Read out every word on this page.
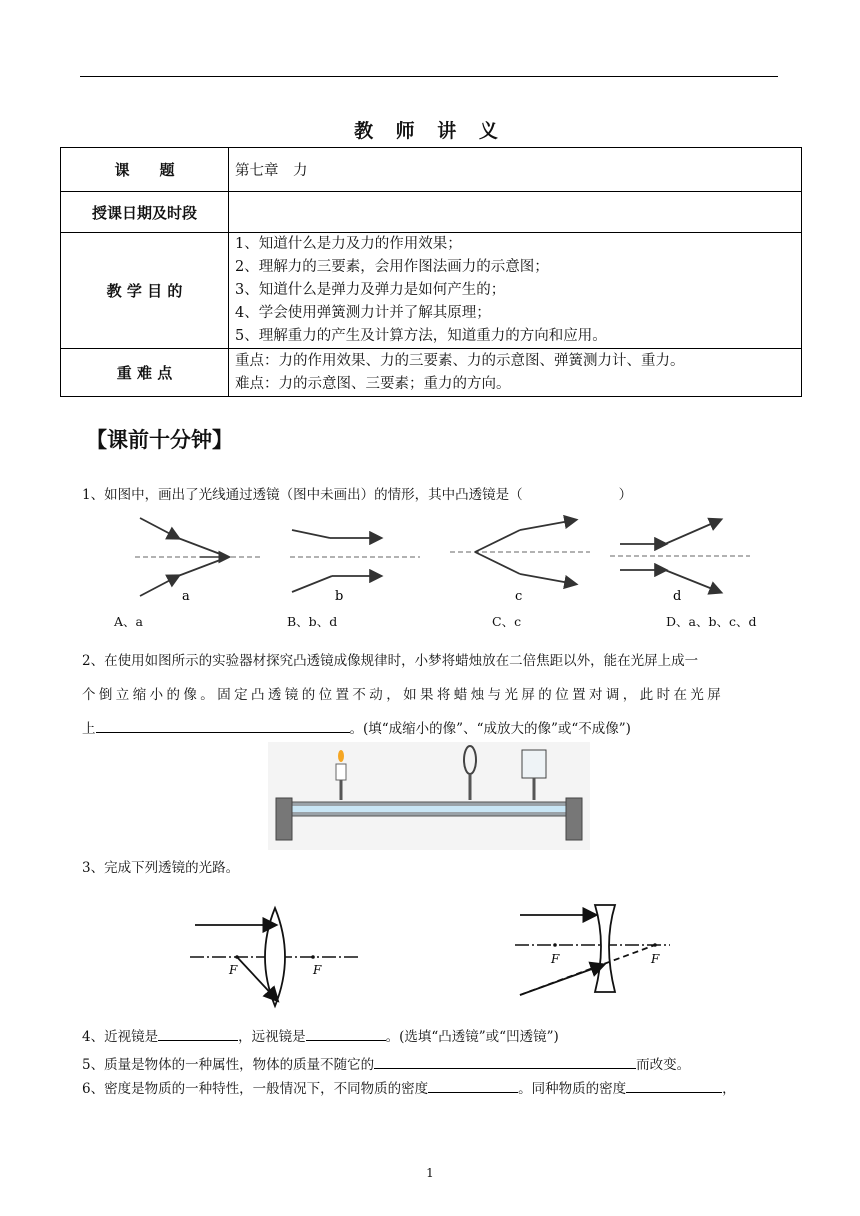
教 师 讲 义
课　　题	第七章　力
授课日期及时段	
教 学 目 的	1、知道什么是力及力的作用效果；
2、理解力的三要素，会用作图法画力的示意图；
3、知道什么是弹力及弹力是如何产生的；
4、学会使用弹簧测力计并了解其原理；
5、理解重力的产生及计算方法，知道重力的方向和应用。

重 难 点	重点：力的作用效果、力的三要素、力的示意图、弹簧测力计、重力。
难点：力的示意图、三要素；重力的方向。
【课前十分钟】
1、如图中，画出了光线通过透镜（图中未画出）的情形，其中凸透镜是（	）
a	b	c	d
A、a	B、b、d	C、c	D、a、b、c、d
2、在使用如图所示的实验器材探究凸透镜成像规律时，小梦将蜡烛放在二倍焦距以外，能在光屏上成一
个倒立缩小的像。固定凸透镜的位置不动，如果将蜡烛与光屏的位置对调，此时在光屏
上	。(填“成缩小的像”、“成放大的像”或“不成像”)
3、完成下列透镜的光路。
F	F
F	F
4、近视镜是	，远视镜是	。(选填“凸透镜”或“凹透镜”)
5、质量是物体的一种属性，物体的质量不随它的	而改变。
6、密度是物质的一种特性，一般情况下，不同物质的密度	。同种物质的密度	，
1
